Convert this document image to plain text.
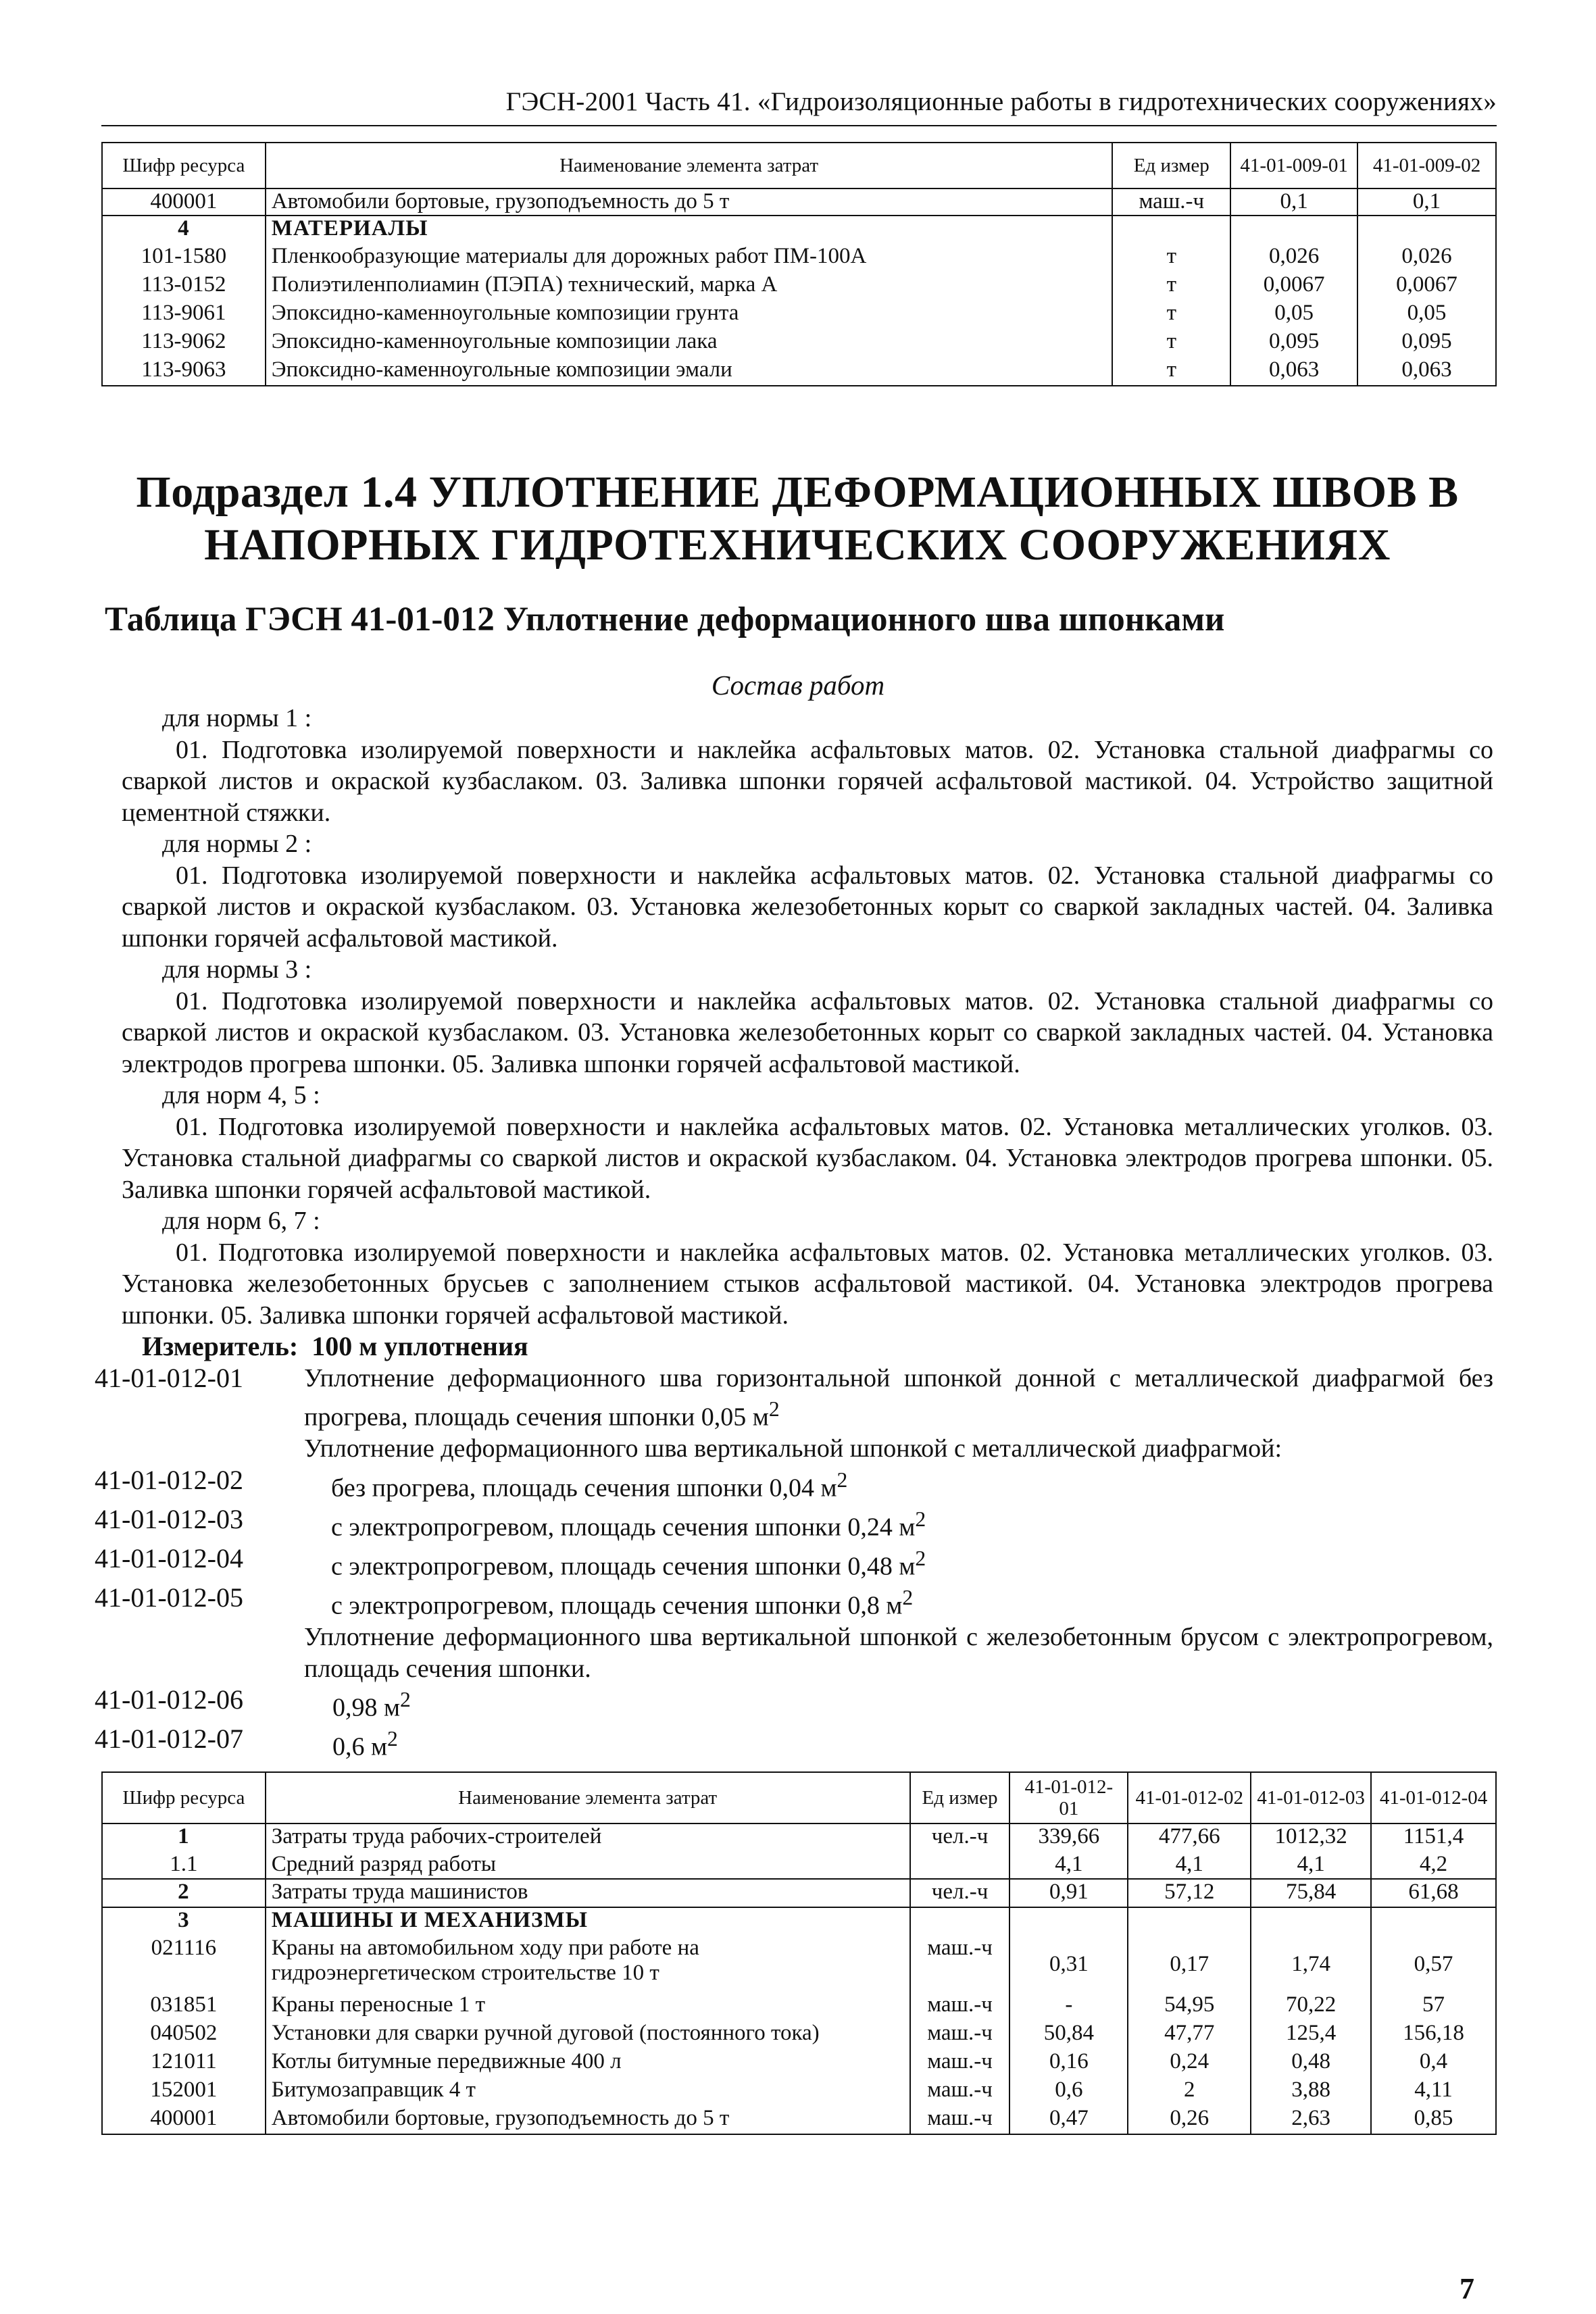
ГЭСН-2001 Часть 41. «Гидроизоляционные работы в гидротехнических сооружениях»
Шифр ресурса	Наименование элемента затрат	Ед измер	41-01-009-01	41-01-009-02
400001	Автомобили бортовые, грузоподъемность до 5 т	маш.-ч	0,1	0,1
4	МАТЕРИАЛЫ			
101-1580	Пленкообразующие материалы для дорожных работ ПМ-100А	т	0,026	0,026
113-0152	Полиэтиленполиамин (ПЭПА) технический, марка А	т	0,0067	0,0067
113-9061	Эпоксидно-каменноугольные композиции грунта	т	0,05	0,05
113-9062	Эпоксидно-каменноугольные композиции лака	т	0,095	0,095
113-9063	Эпоксидно-каменноугольные композиции эмали	т	0,063	0,063
Подраздел 1.4 УПЛОТНЕНИЕ ДЕФОРМАЦИОННЫХ ШВОВ В НАПОРНЫХ ГИДРОТЕХНИЧЕСКИХ СООРУЖЕНИЯХ
Таблица ГЭСН 41-01-012 Уплотнение деформационного шва шпонками
Состав работ
для нормы 1 :
01. Подготовка изолируемой поверхности и наклейка асфальтовых матов. 02. Установка стальной диафрагмы со сваркой листов и окраской кузбаслаком. 03. Заливка шпонки горячей асфальтовой мастикой. 04. Устройство защитной цементной стяжки.
для нормы 2 :
01. Подготовка изолируемой поверхности и наклейка асфальтовых матов. 02. Установка стальной диафрагмы со сваркой листов и окраской кузбаслаком. 03. Установка железобетонных корыт со сваркой закладных частей. 04. Заливка шпонки горячей асфальтовой мастикой.
для нормы 3 :
01. Подготовка изолируемой поверхности и наклейка асфальтовых матов. 02. Установка стальной диафрагмы со сваркой листов и окраской кузбаслаком. 03. Установка железобетонных корыт со сваркой закладных частей. 04. Установка электродов прогрева шпонки. 05. Заливка шпонки горячей асфальтовой мастикой.
для норм 4, 5 :
01. Подготовка изолируемой поверхности и наклейка асфальтовых матов. 02. Установка металлических уголков. 03. Установка стальной диафрагмы со сваркой листов и окраской кузбаслаком. 04. Установка электродов прогрева шпонки. 05. Заливка шпонки горячей асфальтовой мастикой.
для норм 6, 7 :
01. Подготовка изолируемой поверхности и наклейка асфальтовых матов. 02. Установка металлических уголков. 03. Установка железобетонных брусьев с заполнением стыков асфальтовой мастикой. 04. Установка электродов прогрева шпонки. 05. Заливка шпонки горячей асфальтовой мастикой.
Измеритель: 100 м уплотнения
41-01-012-01	Уплотнение деформационного шва горизонтальной шпонкой донной с металлической диафрагмой без прогрева, площадь сечения шпонки 0,05 $м^2$
Уплотнение деформационного шва вертикальной шпонкой с металлической диафрагмой:
41-01-012-02	без прогрева, площадь сечения шпонки 0,04 $м^2$
41-01-012-03	с электропрогревом, площадь сечения шпонки 0,24 $м^2$
41-01-012-04	с электропрогревом, площадь сечения шпонки 0,48 $м^2$
41-01-012-05	с электропрогревом, площадь сечения шпонки 0,8 $м^2$
Уплотнение деформационного шва вертикальной шпонкой с железобетонным брусом с электропрогревом, площадь сечения шпонки.
41-01-012-06	0,98 $м^2$
41-01-012-07	0,6 $м^2$
Шифр ресурса	Наименование элемента затрат	Ед измер	41-01-012-01	41-01-012-02	41-01-012-03	41-01-012-04
1	Затраты труда рабочих-строителей	чел.-ч	339,66	477,66	1012,32	1151,4
1.1	Средний разряд работы		4,1	4,1	4,1	4,2
2	Затраты труда машинистов	чел.-ч	0,91	57,12	75,84	61,68
3	МАШИНЫ И МЕХАНИЗМЫ					
021116	Краны на автомобильном ходу при работе на гидроэнергетическом строительстве 10 т	маш.-ч	0,31	0,17	1,74	0,57
031851	Краны переносные 1 т	маш.-ч	-	54,95	70,22	57
040502	Установки для сварки ручной дуговой (постоянного тока)	маш.-ч	50,84	47,77	125,4	156,18
121011	Котлы битумные передвижные 400 л	маш.-ч	0,16	0,24	0,48	0,4
152001	Битумозаправщик 4 т	маш.-ч	0,6	2	3,88	4,11
400001	Автомобили бортовые, грузоподъемность до 5 т	маш.-ч	0,47	0,26	2,63	0,85
7
